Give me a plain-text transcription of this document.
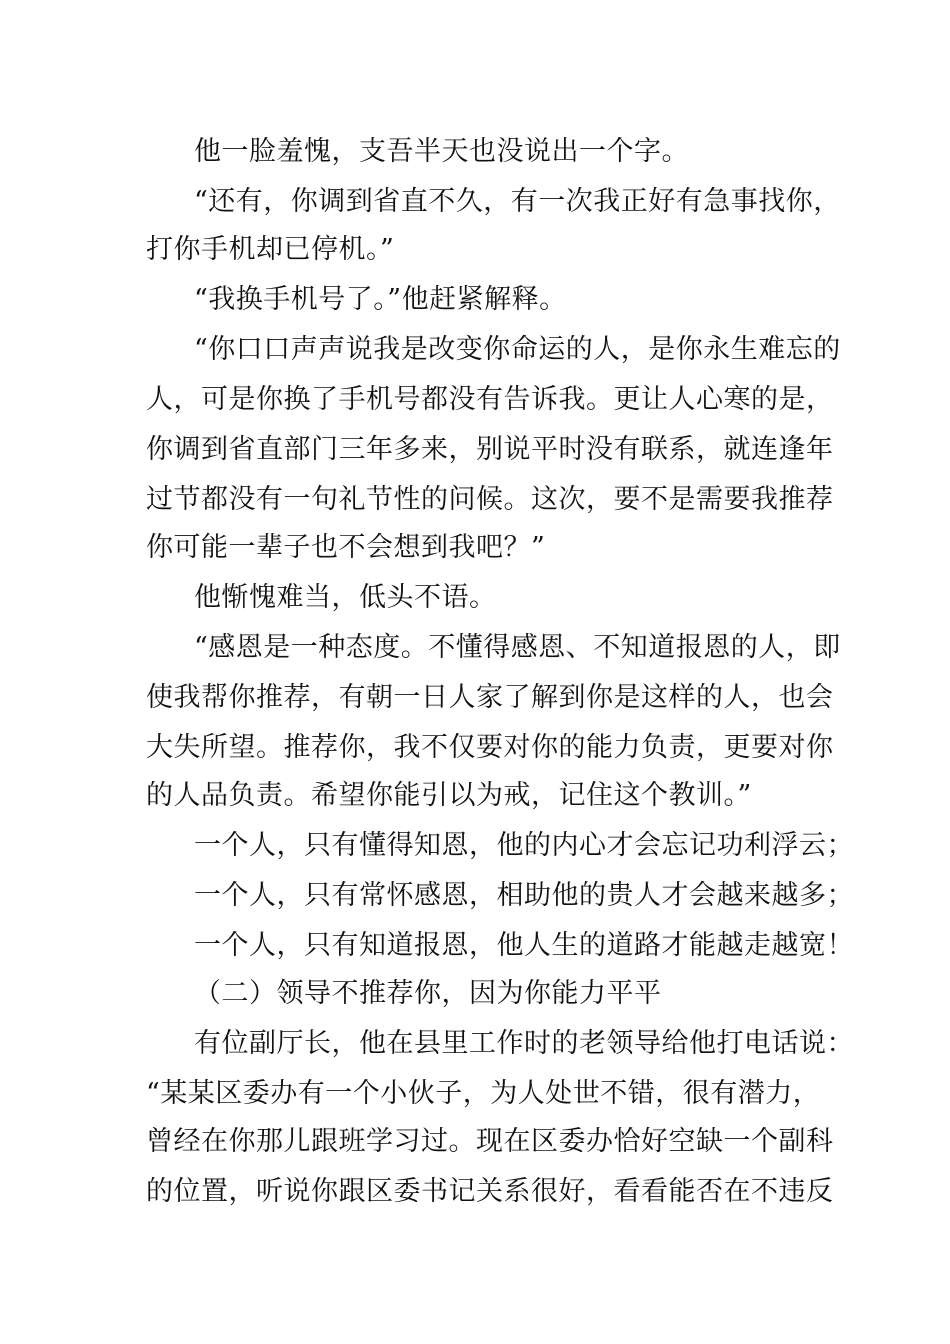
他一脸羞愧，支吾半天也没说出一个字。
“还有，你调到省直不久，有一次我正好有急事找你，
打你手机却已停机。”
“我换手机号了。”他赶紧解释。
“你口口声声说我是改变你命运的人，是你永生难忘的
人，可是你换了手机号都没有告诉我。更让人心寒的是，
你调到省直部门三年多来，别说平时没有联系，就连逢年
过节都没有一句礼节性的问候。这次，要不是需要我推荐
你可能一辈子也不会想到我吧？”
他惭愧难当，低头不语。
“感恩是一种态度。不懂得感恩、不知道报恩的人，即
使我帮你推荐，有朝一日人家了解到你是这样的人，也会
大失所望。推荐你，我不仅要对你的能力负责，更要对你
的人品负责。希望你能引以为戒，记住这个教训。”
一个人，只有懂得知恩，他的内心才会忘记功利浮云；
一个人，只有常怀感恩，相助他的贵人才会越来越多；
一个人，只有知道报恩，他人生的道路才能越走越宽！
（二）领导不推荐你，因为你能力平平
有位副厅长，他在县里工作时的老领导给他打电话说：
“某某区委办有一个小伙子，为人处世不错，很有潜力，
曾经在你那儿跟班学习过。现在区委办恰好空缺一个副科
的位置，听说你跟区委书记关系很好，看看能否在不违反
